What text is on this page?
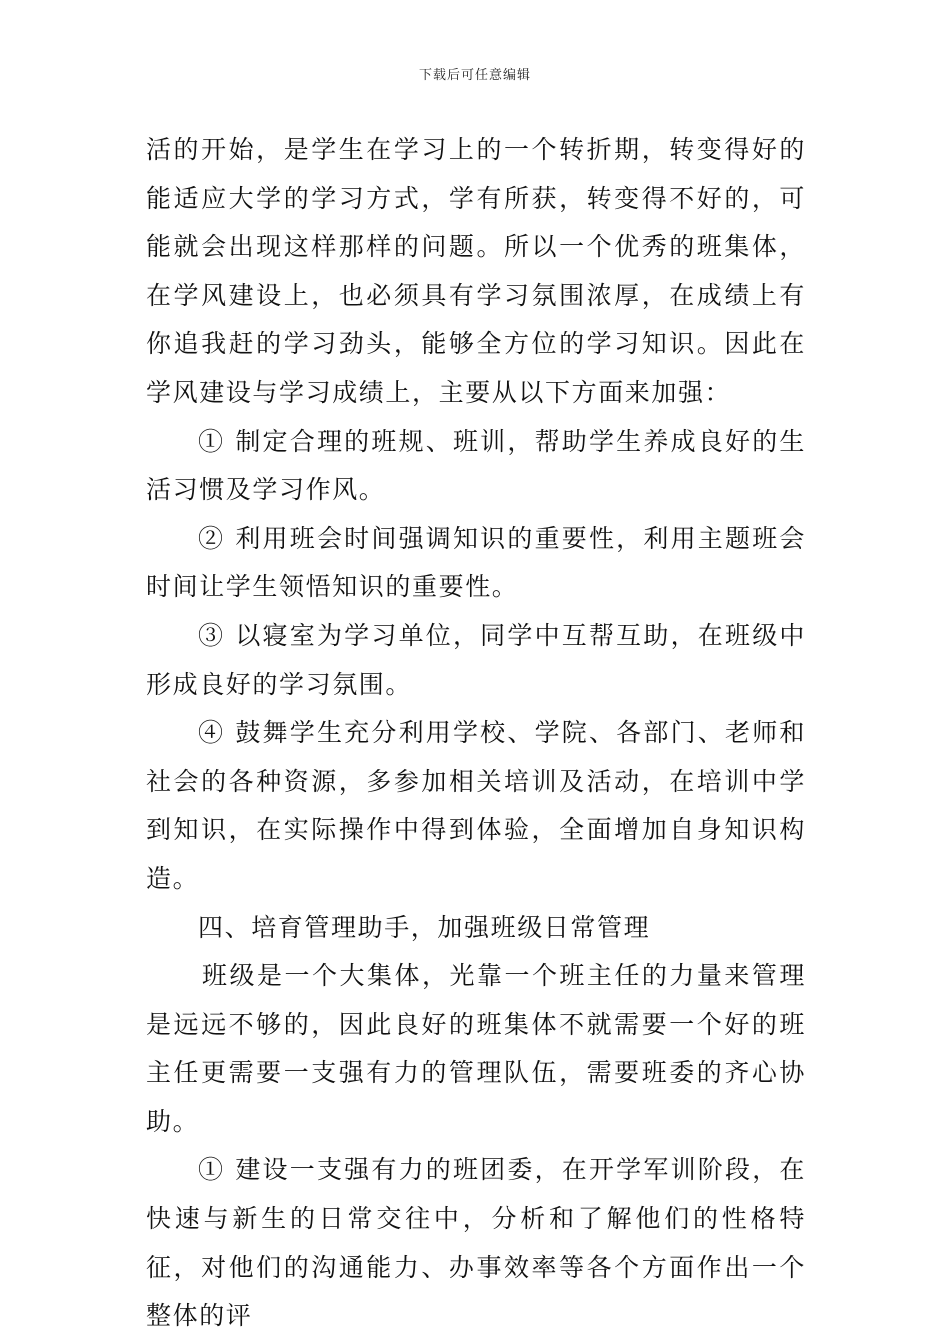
下载后可任意编辑

活的开始，是学生在学习上的一个转折期，转变得好的能适应大学的学习方式，学有所获，转变得不好的，可能就会出现这样那样的问题。所以一个优秀的班集体，在学风建设上，也必须具有学习氛围浓厚，在成绩上有你追我赶的学习劲头，能够全方位的学习知识。因此在学风建设与学习成绩上，主要从以下方面来加强：

① 制定合理的班规、班训，帮助学生养成良好的生活习惯及学习作风。

② 利用班会时间强调知识的重要性，利用主题班会时间让学生领悟知识的重要性。

③ 以寝室为学习单位，同学中互帮互助，在班级中形成良好的学习氛围。

④ 鼓舞学生充分利用学校、学院、各部门、老师和社会的各种资源，多参加相关培训及活动，在培训中学到知识，在实际操作中得到体验，全面增加自身知识构造。

四、培育管理助手，加强班级日常管理

班级是一个大集体，光靠一个班主任的力量来管理是远远不够的，因此良好的班集体不就需要一个好的班主任更需要一支强有力的管理队伍，需要班委的齐心协助。

① 建设一支强有力的班团委，在开学军训阶段，在快速与新生的日常交往中，分析和了解他们的性格特征，对他们的沟通能力、办事效率等各个方面作出一个整体的评
